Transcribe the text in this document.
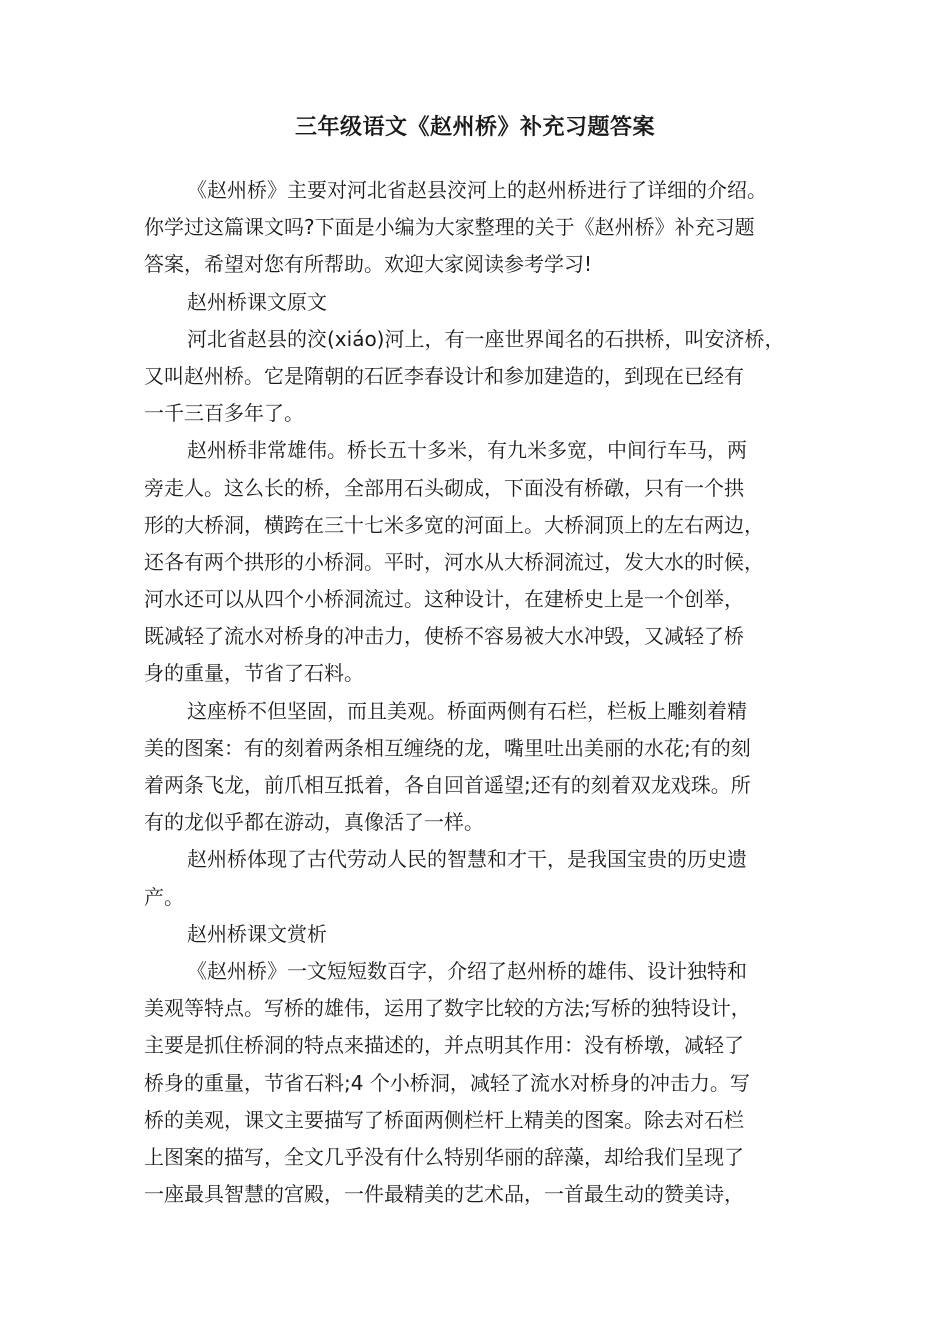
三年级语文《赵州桥》补充习题答案
《赵州桥》主要对河北省赵县洨河上的赵州桥进行了详细的介绍。
你学过这篇课文吗?下面是小编为大家整理的关于《赵州桥》补充习题
答案，希望对您有所帮助。欢迎大家阅读参考学习!
赵州桥课文原文
河北省赵县的洨(xiáo)河上，有一座世界闻名的石拱桥，叫安济桥，
又叫赵州桥。它是隋朝的石匠李春设计和参加建造的，到现在已经有
一千三百多年了。
赵州桥非常雄伟。桥长五十多米，有九米多宽，中间行车马，两
旁走人。这么长的桥，全部用石头砌成，下面没有桥礅，只有一个拱
形的大桥洞，横跨在三十七米多宽的河面上。大桥洞顶上的左右两边，
还各有两个拱形的小桥洞。平时，河水从大桥洞流过，发大水的时候，
河水还可以从四个小桥洞流过。这种设计，在建桥史上是一个创举，
既减轻了流水对桥身的冲击力，使桥不容易被大水冲毁，又减轻了桥
身的重量，节省了石料。
这座桥不但坚固，而且美观。桥面两侧有石栏，栏板上雕刻着精
美的图案：有的刻着两条相互缠绕的龙，嘴里吐出美丽的水花;有的刻
着两条飞龙，前爪相互抵着，各自回首遥望;还有的刻着双龙戏珠。所
有的龙似乎都在游动，真像活了一样。
赵州桥体现了古代劳动人民的智慧和才干，是我国宝贵的历史遗
产。
赵州桥课文赏析
《赵州桥》一文短短数百字，介绍了赵州桥的雄伟、设计独特和
美观等特点。写桥的雄伟，运用了数字比较的方法;写桥的独特设计，
主要是抓住桥洞的特点来描述的，并点明其作用：没有桥墩，减轻了
桥身的重量，节省石料;4 个小桥洞，减轻了流水对桥身的冲击力。写
桥的美观，课文主要描写了桥面两侧栏杆上精美的图案。除去对石栏
上图案的描写，全文几乎没有什么特别华丽的辞藻，却给我们呈现了
一座最具智慧的宫殿，一件最精美的艺术品，一首最生动的赞美诗，
